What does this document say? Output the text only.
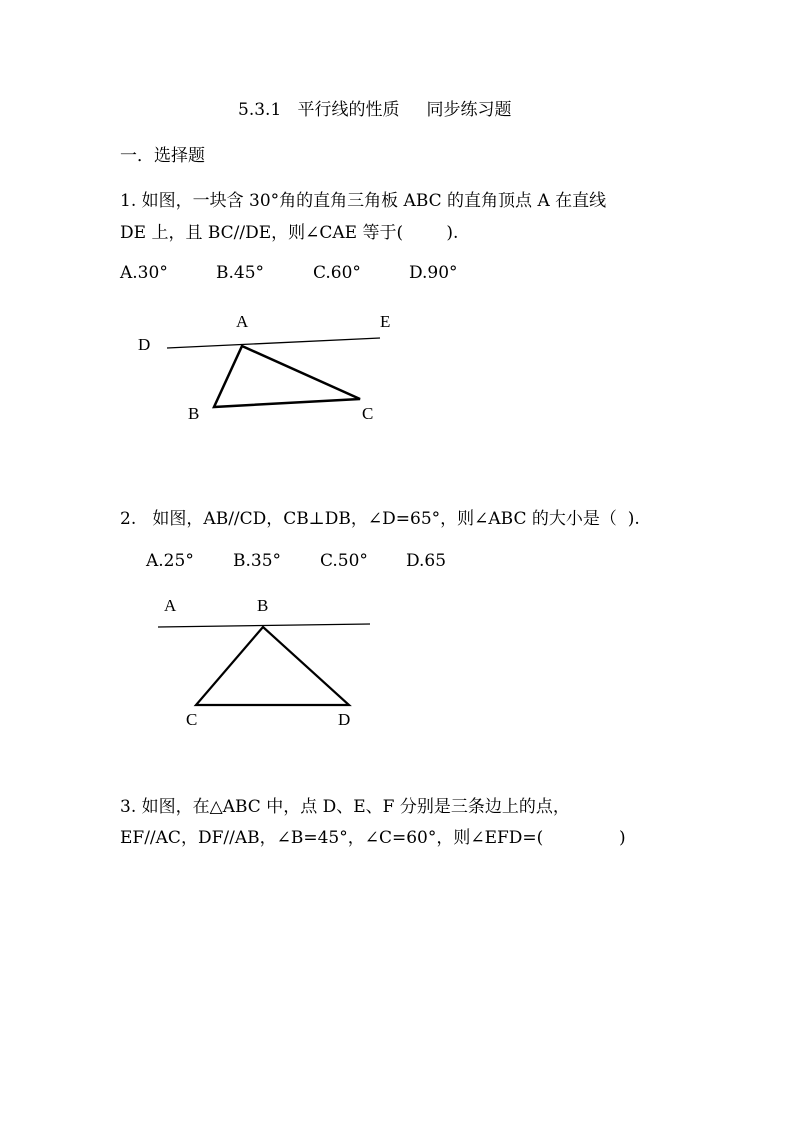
5.3.1   平行线的性质     同步练习题
一．选择题
1. 如图，一块含 30°角的直角三角板 ABC 的直角顶点 A 在直线
DE 上，且 BC//DE，则∠CAE 等于(        ).
A.30°	B.45°	C.60°	D.90°
A	E
D
B	C
2.   如图，AB//CD，CB⊥DB，∠D=65°，则∠ABC 的大小是（  ).
A.25° B.35° C.50° D.65
A	B
C	D
3. 如图，在△ABC 中，点 D、E、F 分别是三条边上的点，
EF//AC，DF//AB，∠B=45°，∠C=60°，则∠EFD=(              )
